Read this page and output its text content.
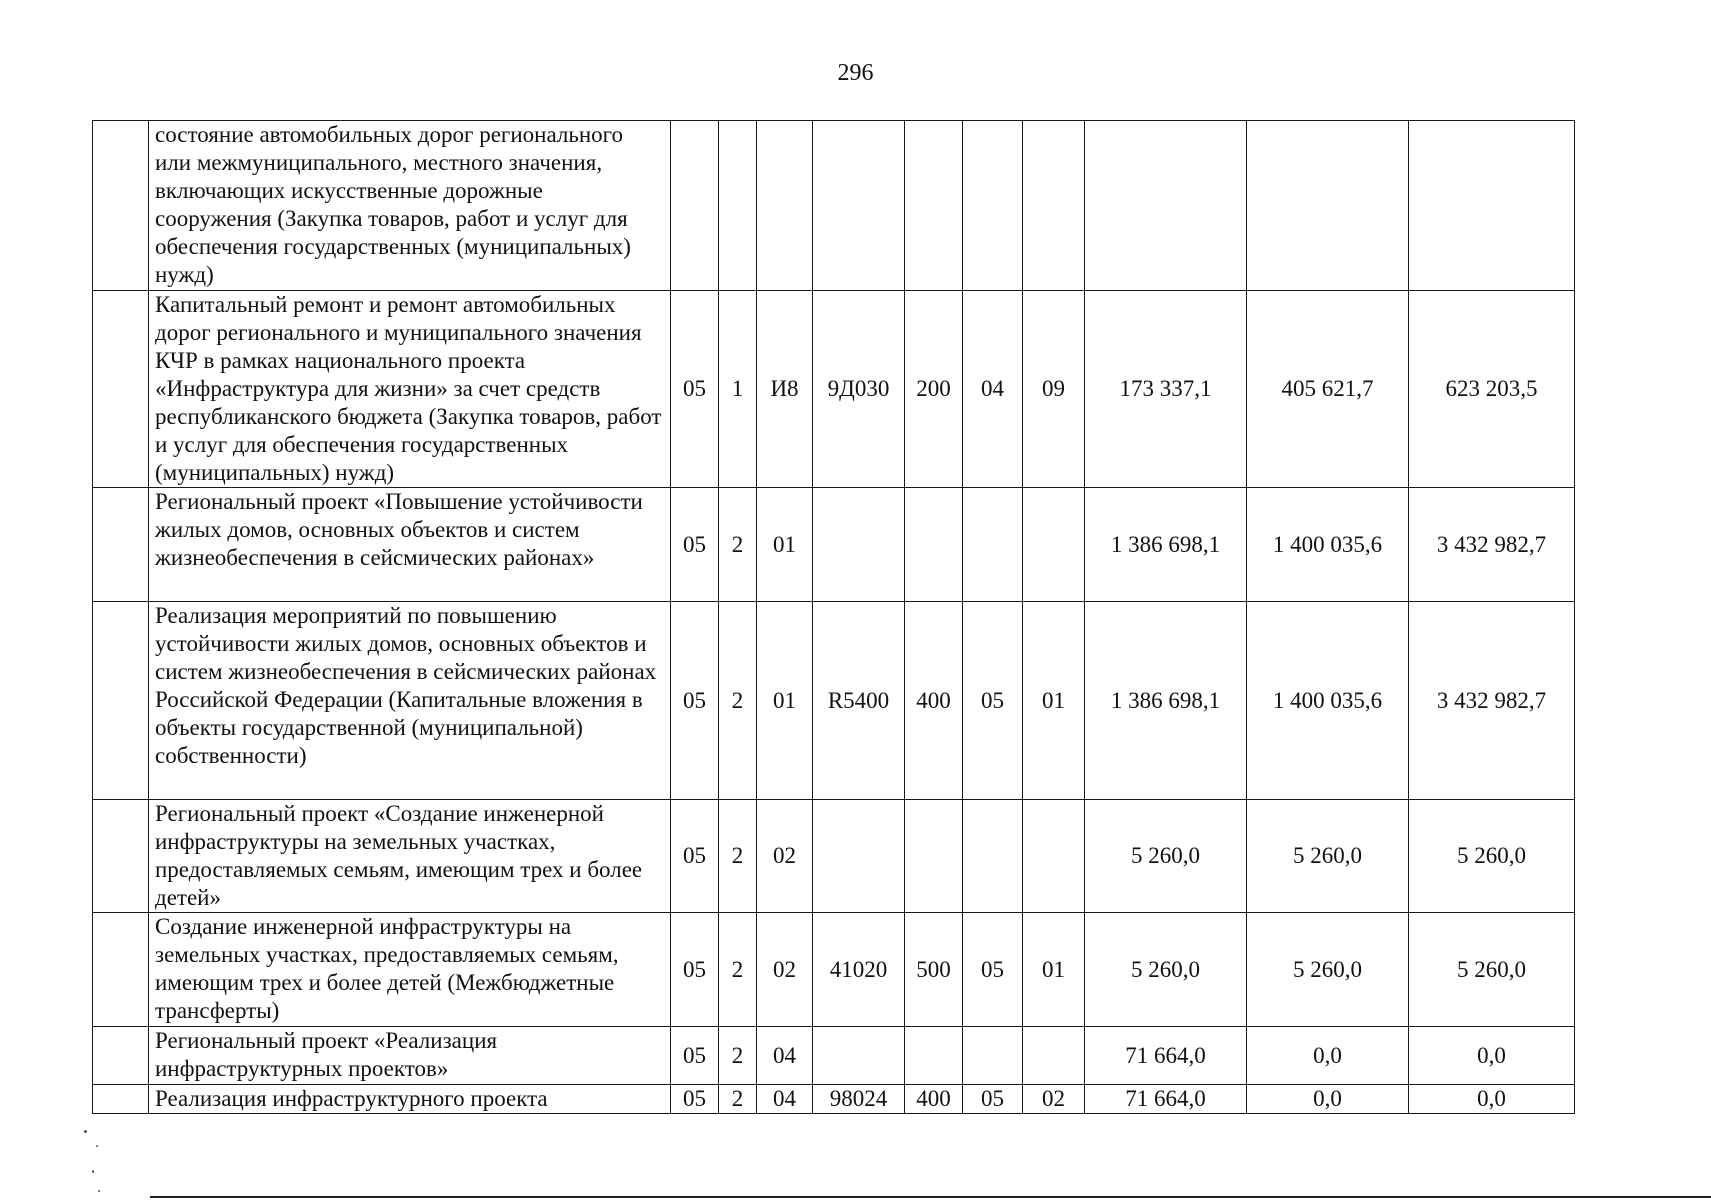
296
	состояние автомобильных дорог регионального или межмуниципального, местного значения, включающих искусственные дорожные сооружения (Закупка товаров, работ и услуг для обеспечения государственных (муниципальных) нужд)										
	Капитальный ремонт и ремонт автомобильных дорог регионального и муниципального значения КЧР в рамках национального проекта «Инфраструктура для жизни» за счет средств республиканского бюджета (Закупка товаров, работ и услуг для обеспечения государственных (муниципальных) нужд)	05	1	И8	9Д030	200	04	09	173 337,1	405 621,7	623 203,5
	Региональный проект «Повышение устойчивости жилых домов, основных объектов и систем жизнеобеспечения в сейсмических районах»	05	2	01					1 386 698,1	1 400 035,6	3 432 982,7
	Реализация мероприятий по повышению устойчивости жилых домов, основных объектов и систем жизнеобеспечения в сейсмических районах Российской Федерации (Капитальные вложения в объекты государственной (муниципальной) собственности)	05	2	01	R5400	400	05	01	1 386 698,1	1 400 035,6	3 432 982,7
	Региональный проект «Создание инженерной инфраструктуры на земельных участках, предоставляемых семьям, имеющим трех и более детей»	05	2	02					5 260,0	5 260,0	5 260,0
	Создание инженерной инфраструктуры на земельных участках, предоставляемых семьям, имеющим трех и более детей (Межбюджетные трансферты)	05	2	02	41020	500	05	01	5 260,0	5 260,0	5 260,0
	Региональный проект «Реализация инфраструктурных проектов»	05	2	04					71 664,0	0,0	0,0
	Реализация инфраструктурного проекта	05	2	04	98024	400	05	02	71 664,0	0,0	0,0
